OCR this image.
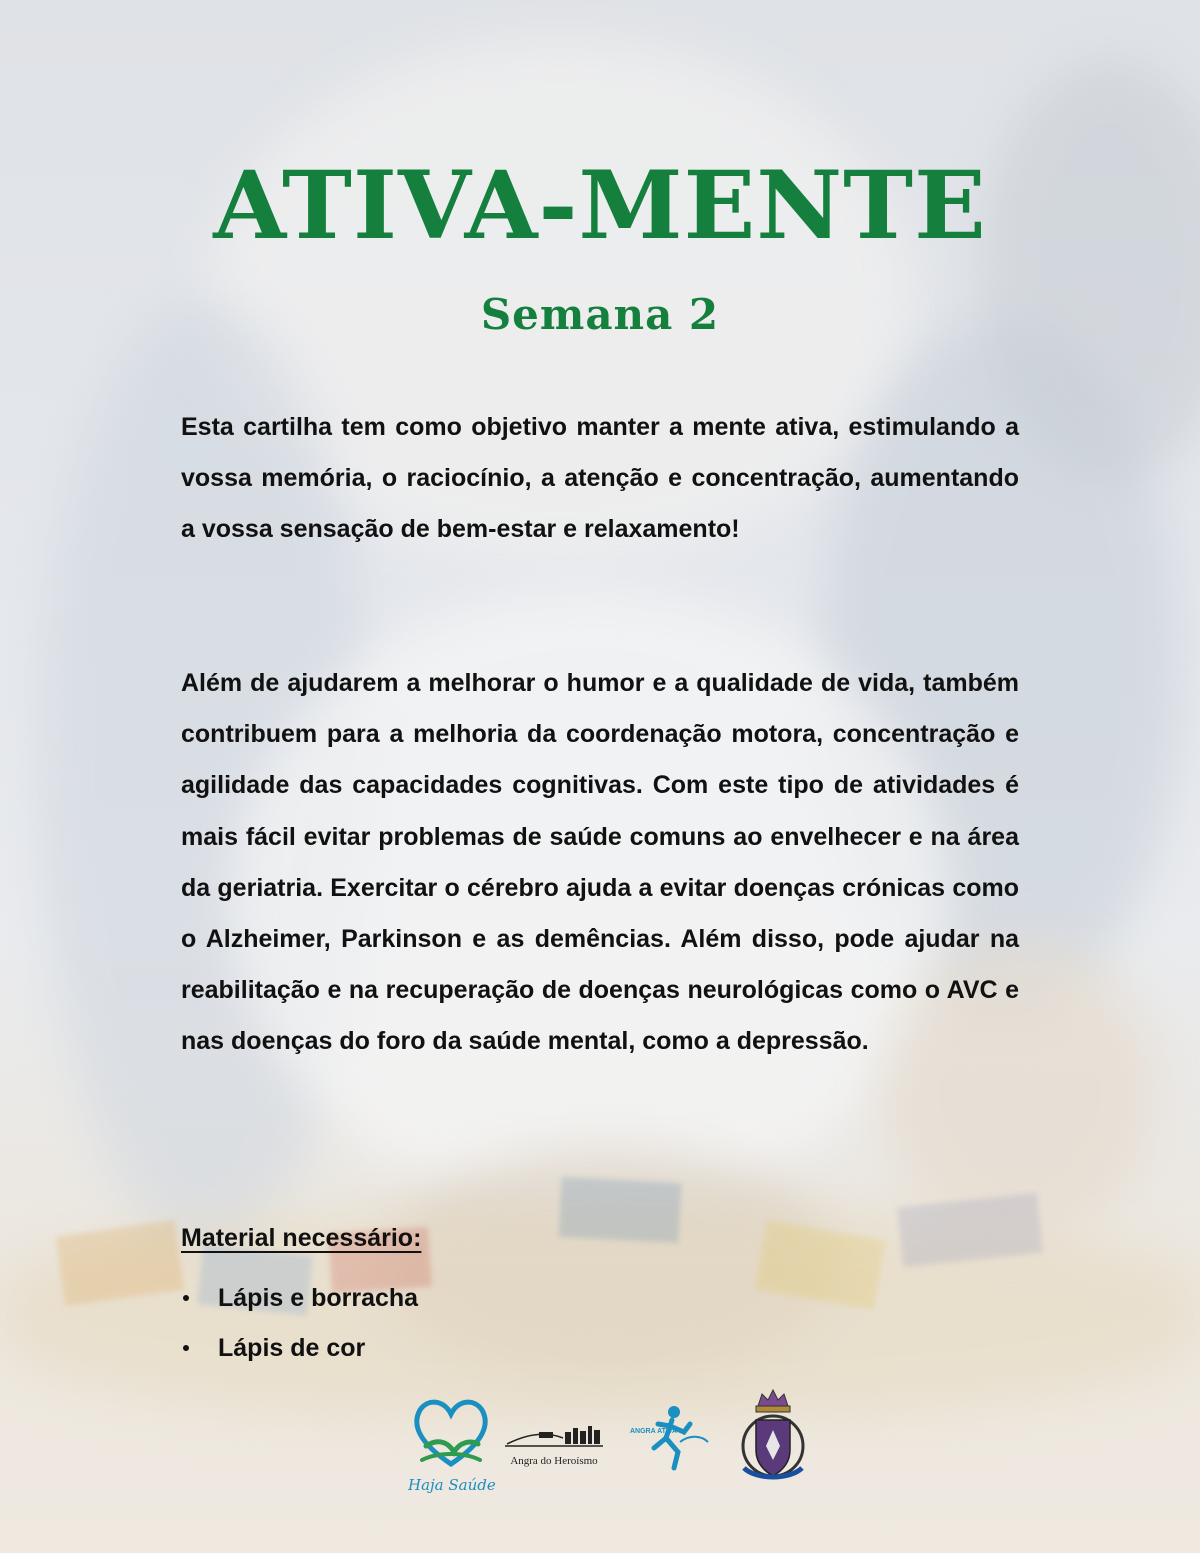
ATIVA-MENTE
Semana 2

Esta cartilha tem como objetivo manter a mente ativa, estimulando a vossa memória, o raciocínio, a atenção e concentração, aumentando a vossa sensação de bem-estar e relaxamento!

Além de ajudarem a melhorar o humor e a qualidade de vida, também contribuem para a melhoria da coordenação motora, concentração e agilidade das capacidades cognitivas. Com este tipo de atividades é mais fácil evitar problemas de saúde comuns ao envelhecer e na área da geriatria. Exercitar o cérebro ajuda a evitar doenças crónicas como o Alzheimer, Parkinson e as demências. Além disso, pode ajudar na reabilitação e na recuperação de doenças neurológicas como o AVC e nas doenças do foro da saúde mental, como a depressão.

Material necessário:

Lápis e borracha
Lápis de cor
Haja Saúde
Angra do Heroísmo
ANGRA ATIVA
